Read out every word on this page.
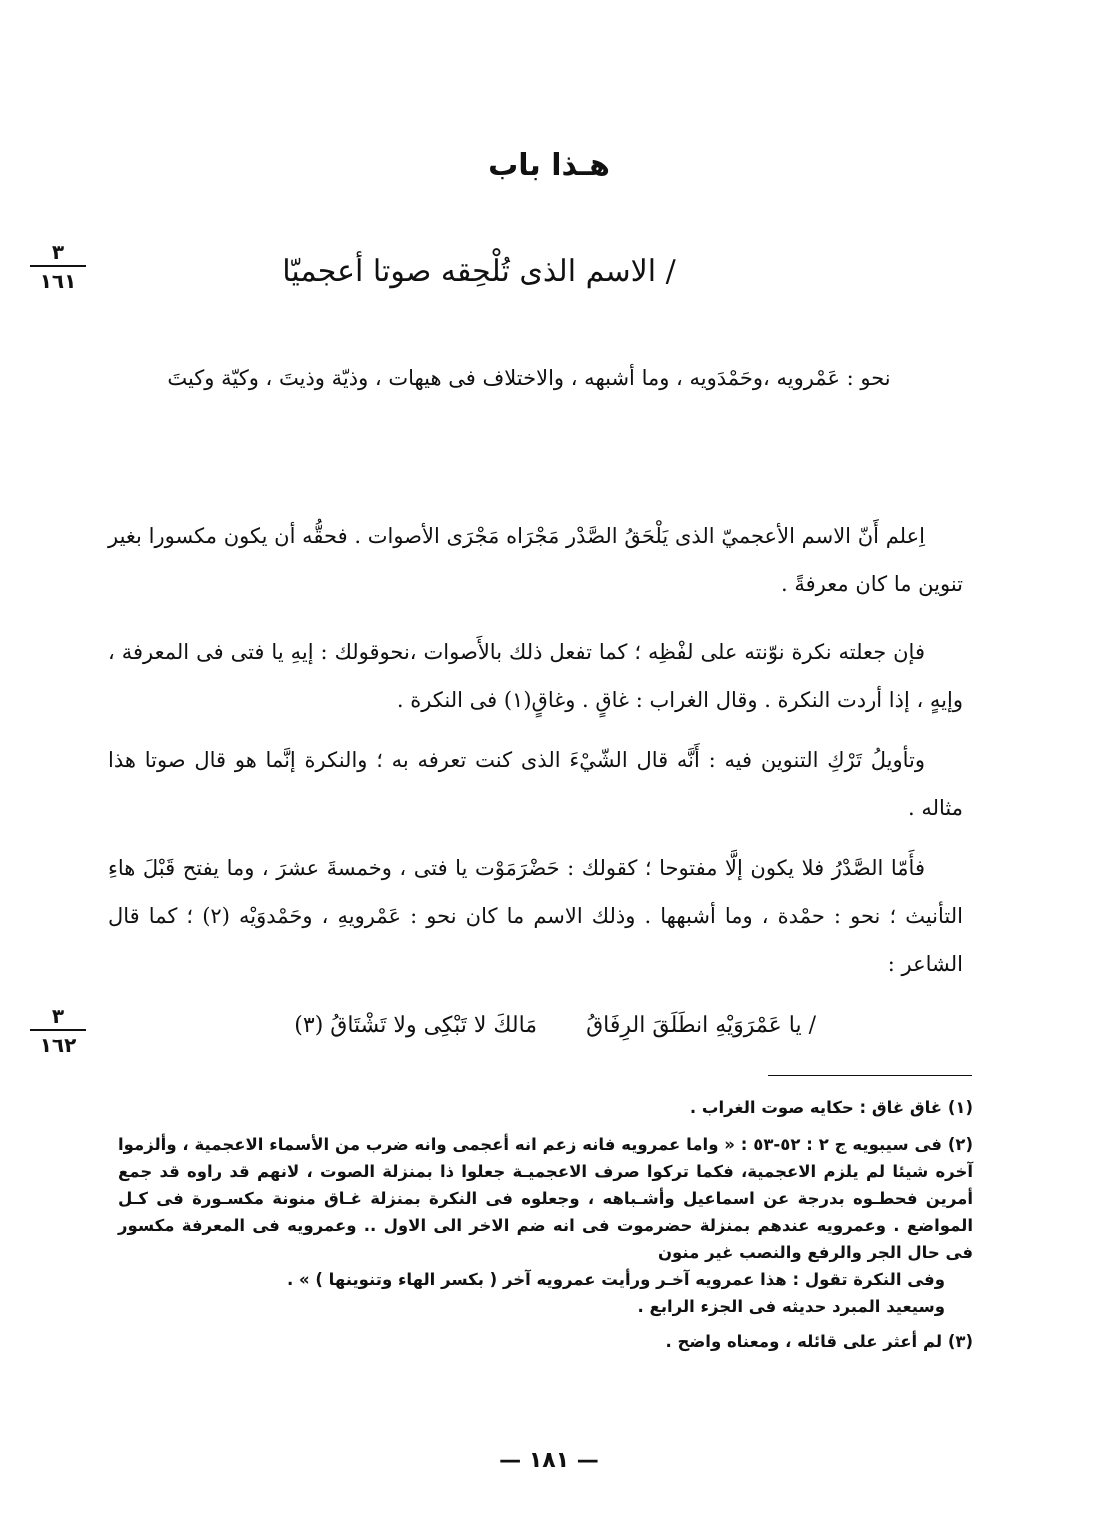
هـذا باب
٣
١٦١	/ الاسم الذى تُلْحِقه صوتا أعجميّا
نحو : عَمْرويه ،وحَمْدَويه ، وما أشبهه ، والاختلاف فى هيهات ، وذيّة وذيتَ ، وكيّة وكيتَ
اِعلم أَنّ الاسم الأعجميّ الذى يَلْحَقُ الصَّدْر مَجْرَاه مَجْرَى الأصوات . فحقُّه أن يكون مكسورا بغير تنوين ما كان معرفةً .
فإن جعلته نكرة نوّنته على لفْظِه ؛ كما تفعل ذلك بالأَصوات ،نحوقولك : إيهِ يا فتى فى المعرفة ، وإيهٍ ، إذا أردت النكرة . وقال الغراب : غاقٍ . وغاقٍ(١) فى النكرة .
وتأويلُ تَرْكِ التنوين فيه : أَنَّه قال الشّيْءَ الذى كنت تعرفه به ؛ والنكرة إنَّما هو قال صوتا هذا مثاله .
فأَمّا الصَّدْرُ فلا يكون إلَّا مفتوحا ؛ كقولك : حَضْرَمَوْت يا فتى ، وخمسةَ عشرَ ، وما يفتح قَبْلَ هاءِ التأنيث ؛ نحو : حمْدة ، وما أشبهها . وذلك الاسم ما كان نحو : عَمْرويهِ ، وحَمْدوَيْه (٢) ؛ كما قال الشاعر :
٣
١٦٢
/ يا عَمْرَوَيْهِ انطَلَقَ الرِفَاقُ مَالكَ لا تَبْكِى ولا تَشْتَاقُ (٣)

(١) غاق غاق : حكايه صوت الغراب .

(٢) فى سيبويه ج ٢ : ٥٢-٥٣ : « واما عمرويه فانه زعم انه أعجمى وانه ضرب من الأسماء الاعجمية ، وألزموا آخره شيئا لم يلزم الاعجمية، فكما تركوا صرف الاعجميـة جعلوا ذا بمنزلة الصوت ، لانهم قد راوه قد جمع أمرين فحطـوه بدرجة عن اسماعيل وأشـباهه ، وجعلوه فى النكرة بمنزلة غـاق منونة مكسـورة فى كـل المواضع . وعمرويه عندهم بمنزلة حضرموت فى انه ضم الاخر الى الاول .. وعمرويه فى المعرفة مكسور فى حال الجر والرفع والنصب غير منون

وفى النكرة تقول : هذا عمرويه آخـر ورأيت عمرويه آخر ( بكسر الهاء وتنوينها ) » .

وسيعيد المبرد حديثه فى الجزء الرابع .

(٣) لم أعثر على قائله ، ومعناه واضح .

— ١٨١ —
